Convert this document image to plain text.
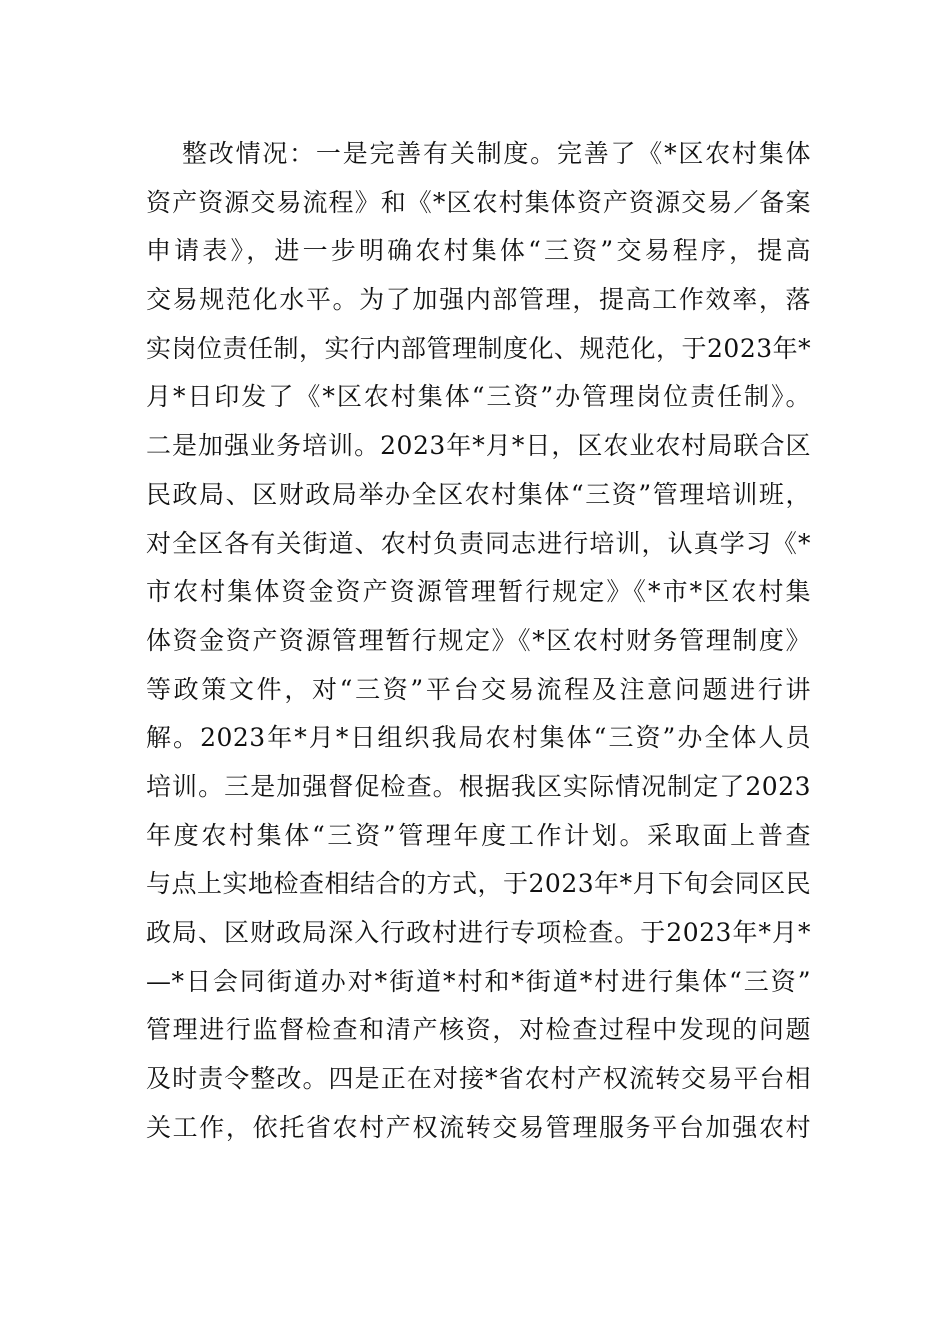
整改情况：一是完善有关制度。完善了《*区农村集体
资产资源交易流程》和《*区农村集体资产资源交易／备案
申请表》，进一步明确农村集体“三资”交易程序，提高
交易规范化水平。为了加强内部管理，提高工作效率，落
实岗位责任制，实行内部管理制度化、规范化，于2023年*
月*日印发了《*区农村集体“三资”办管理岗位责任制》。
二是加强业务培训。2023年*月*日，区农业农村局联合区
民政局、区财政局举办全区农村集体“三资”管理培训班，
对全区各有关街道、农村负责同志进行培训，认真学习《*
市农村集体资金资产资源管理暂行规定》《*市*区农村集
体资金资产资源管理暂行规定》《*区农村财务管理制度》
等政策文件，对“三资”平台交易流程及注意问题进行讲
解。2023年*月*日组织我局农村集体“三资”办全体人员
培训。三是加强督促检查。根据我区实际情况制定了2023
年度农村集体“三资”管理年度工作计划。采取面上普查
与点上实地检查相结合的方式，于2023年*月下旬会同区民
政局、区财政局深入行政村进行专项检查。于2023年*月*
—*日会同街道办对*街道*村和*街道*村进行集体“三资”
管理进行监督检查和清产核资，对检查过程中发现的问题
及时责令整改。四是正在对接*省农村产权流转交易平台相
关工作，依托省农村产权流转交易管理服务平台加强农村
